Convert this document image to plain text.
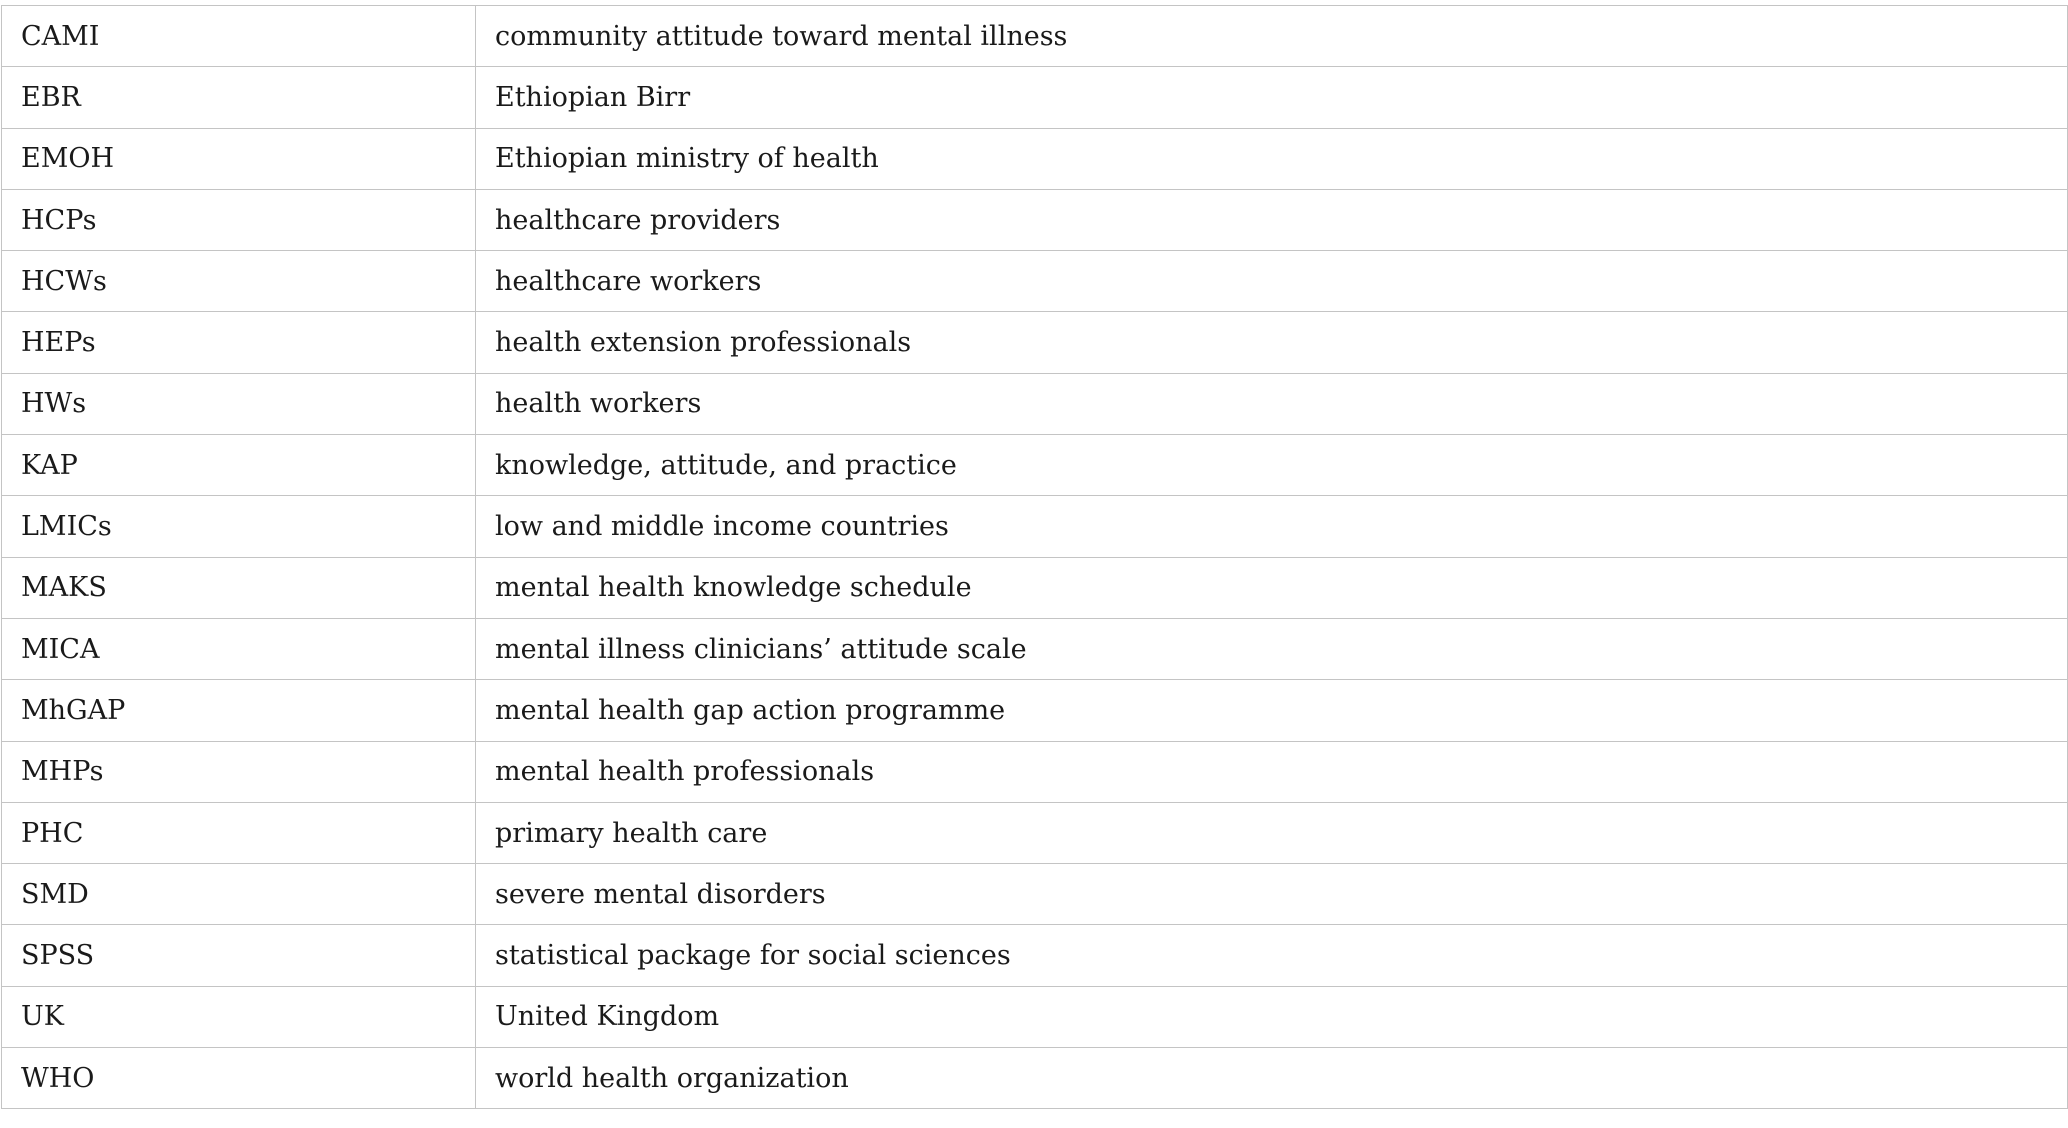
CAMI	community attitude toward mental illness
EBR	Ethiopian Birr
EMOH	Ethiopian ministry of health
HCPs	healthcare providers
HCWs	healthcare workers
HEPs	health extension professionals
HWs	health workers
KAP	knowledge, attitude, and practice
LMICs	low and middle income countries
MAKS	mental health knowledge schedule
MICA	mental illness clinicians’ attitude scale
MhGAP	mental health gap action programme
MHPs	mental health professionals
PHC	primary health care
SMD	severe mental disorders
SPSS	statistical package for social sciences
UK	United Kingdom
WHO	world health organization
